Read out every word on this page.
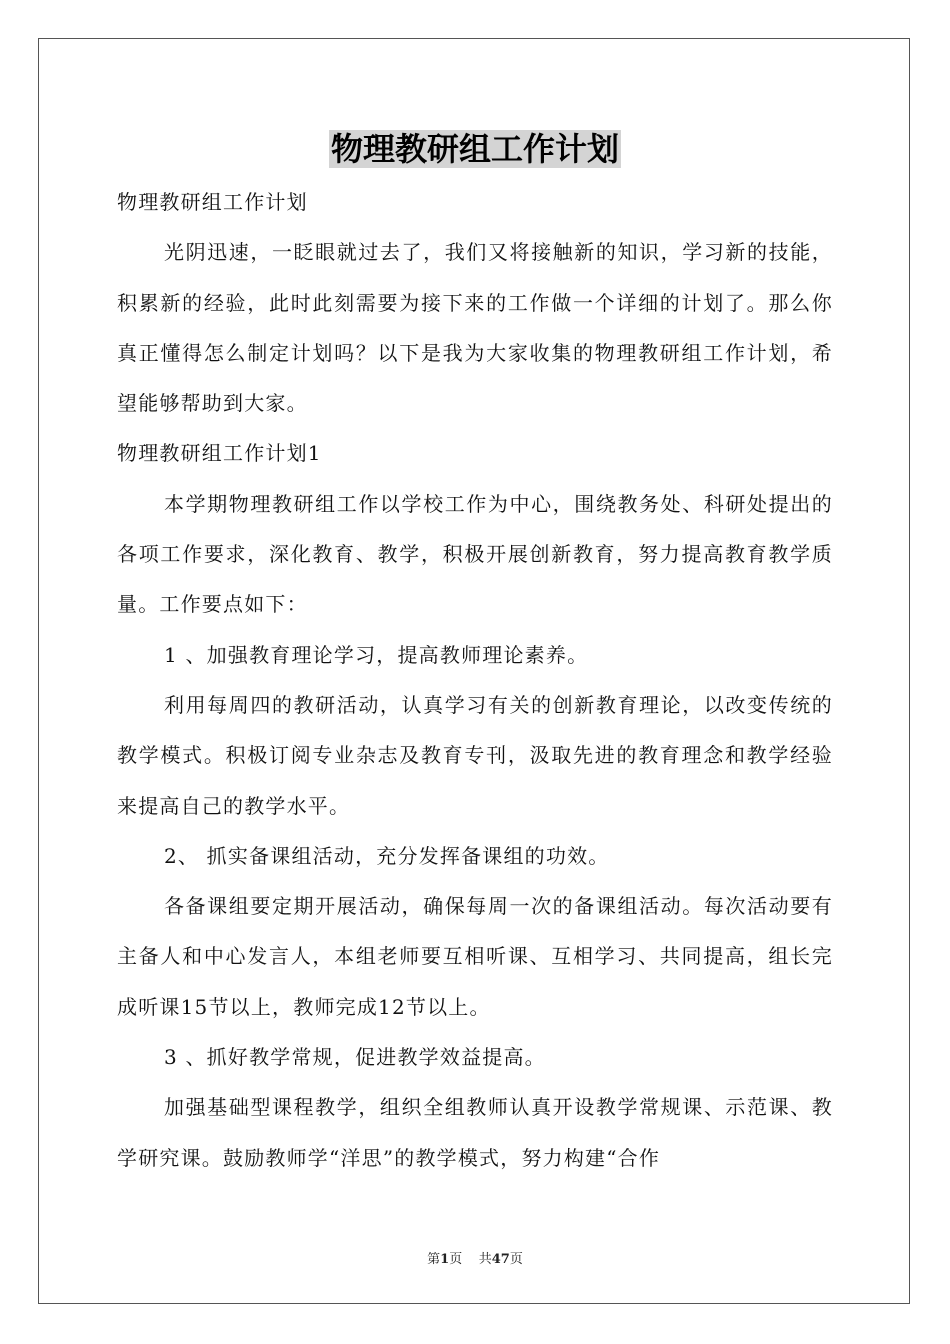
物理教研组工作计划

物理教研组工作计划

光阴迅速，一眨眼就过去了，我们又将接触新的知识，学习新的技能，积累新的经验，此时此刻需要为接下来的工作做一个详细的计划了。那么你真正懂得怎么制定计划吗？以下是我为大家收集的物理教研组工作计划，希望能够帮助到大家。

物理教研组工作计划1

本学期物理教研组工作以学校工作为中心，围绕教务处、科研处提出的各项工作要求，深化教育、教学，积极开展创新教育，努力提高教育教学质量。工作要点如下：

1 、加强教育理论学习，提高教师理论素养。

利用每周四的教研活动，认真学习有关的创新教育理论，以改变传统的教学模式。积极订阅专业杂志及教育专刊，汲取先进的教育理念和教学经验来提高自己的教学水平。

2、 抓实备课组活动，充分发挥备课组的功效。

各备课组要定期开展活动，确保每周一次的备课组活动。每次活动要有主备人和中心发言人，本组老师要互相听课、互相学习、共同提高，组长完成听课15节以上，教师完成12节以上。

3 、抓好教学常规，促进教学效益提高。

加强基础型课程教学，组织全组教师认真开设教学常规课、示范课、教学研究课。鼓励教师学“洋思”的教学模式，努力构建“合作

第1页 共47页
